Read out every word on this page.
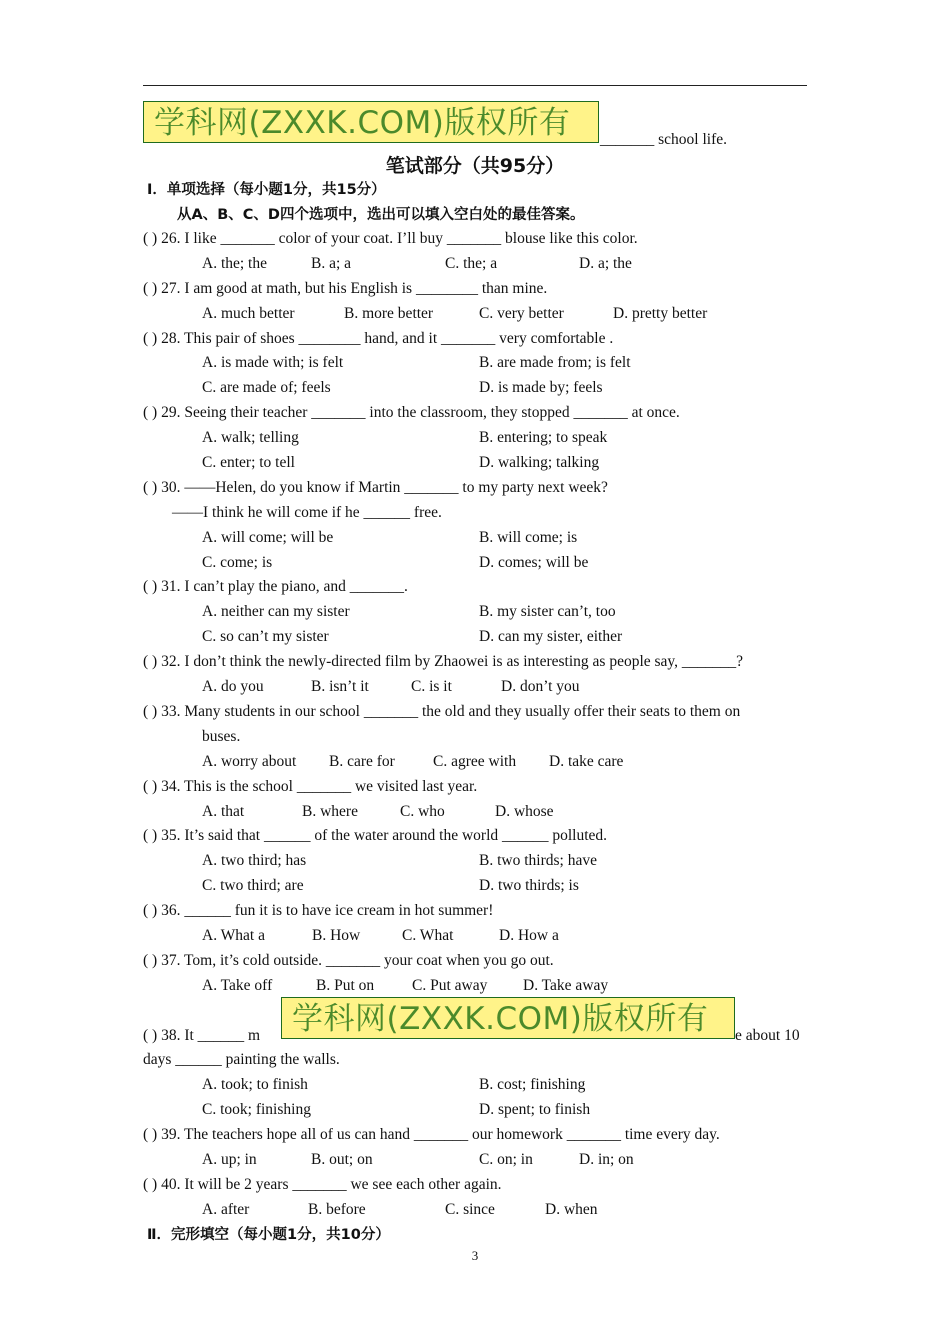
_______ school life.
学科网(ZXXK.COM)版权所有
笔试部分（共95分）
Ⅰ．单项选择（每小题1分，共15分）
从A、B、C、D四个选项中，选出可以填入空白处的最佳答案。
( ) 26. I like _______ color of your coat. I’ll buy _______ blouse like this color.
A. the; the	B. a; a	C. the; a	D. a; the
( ) 27. I am good at math, but his English is ________ than mine.
A. much better	B. more better	C. very better	D. pretty better
( ) 28. This pair of shoes ________ hand, and it _______ very comfortable .
A. is made with; is felt	B. are made from; is felt
C. are made of; feels	D. is made by; feels
( ) 29. Seeing their teacher _______ into the classroom, they stopped _______ at once.
A. walk; telling	B. entering; to speak
C. enter; to tell	D. walking; talking
( ) 30. ——Helen, do you know if Martin _______ to my party next week?
——I think he will come if he ______ free.
A. will come; will be	B. will come; is
C. come; is	D. comes; will be
( ) 31. I can’t play the piano, and _______.
A. neither can my sister	B. my sister can’t, too
C. so can’t my sister	D. can my sister, either
( ) 32. I don’t think the newly-directed film by Zhaowei is as interesting as people say, _______?
A. do you	B. isn’t it	C. is it	D. don’t you
( ) 33. Many students in our school _______ the old and they usually offer their seats to them on
buses.
A. worry about B. care for C. agree with D. take care
( ) 34. This is the school _______ we visited last year.
A. that	B. where	C. who	D. whose
( ) 35. It’s said that ______ of the water around the world ______ polluted.
A. two third; has	B. two thirds; have
C. two third; are	D. two thirds; is
( ) 36. ______ fun it is to have ice cream in hot summer!
A. What a	B. How	C. What	D. How a
( ) 37. Tom, it’s cold outside. _______ your coat when you go out.
A. Take off	B. Put on C. Put away D. Take away
( ) 38. It ______ m	e about 10
学科网(ZXXK.COM)版权所有
days ______ painting the walls.
A. took; to finish	B. cost; finishing
C. took; finishing	D. spent; to finish
( ) 39. The teachers hope all of us can hand _______ our homework _______ time every day.
A. up; in	B. out; on	C. on; in	D. in; on
( ) 40. It will be 2 years _______ we see each other again.
A. after	B. before	C. since	D. when
Ⅱ．完形填空（每小题1分，共10分）
3
